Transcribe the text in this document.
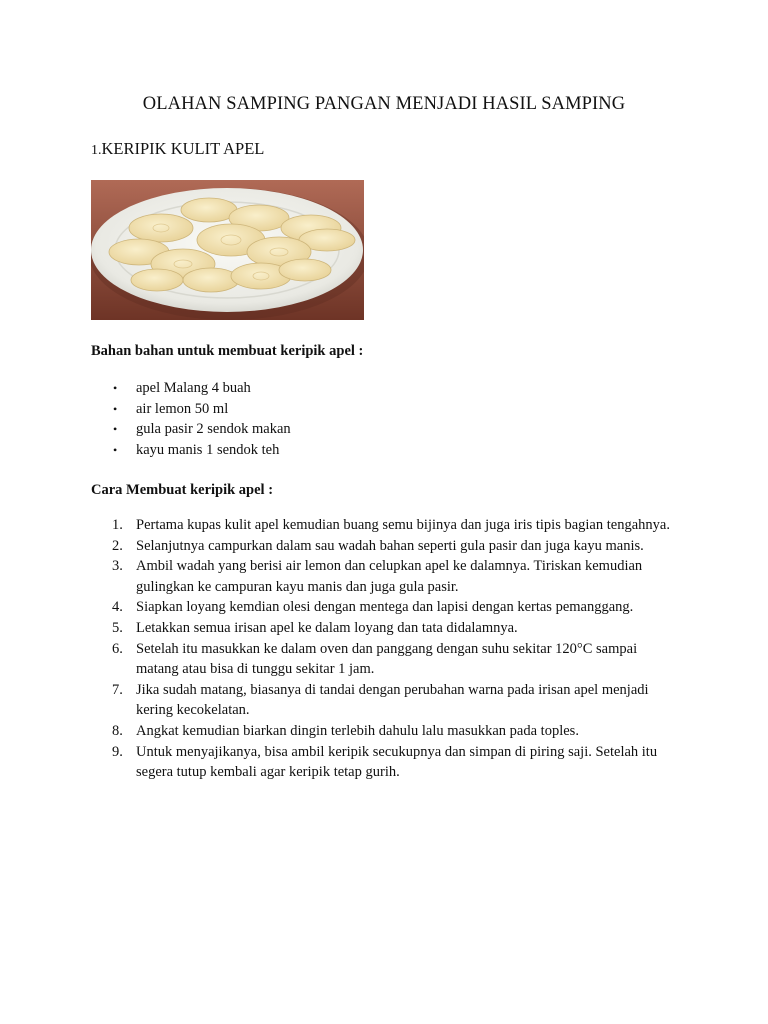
OLAHAN SAMPING PANGAN MENJADI HASIL SAMPING
1.KERIPIK KULIT APEL
Bahan bahan untuk membuat keripik apel :
• apel Malang 4 buah
• air lemon 50 ml
• gula pasir 2 sendok makan
• kayu manis 1 sendok teh
Cara Membuat keripik apel :
1. Pertama kupas kulit apel kemudian buang semu bijinya dan juga iris tipis bagian tengahnya.
2. Selanjutnya campurkan dalam sau wadah bahan seperti gula pasir dan juga kayu manis.
3. Ambil wadah yang berisi air lemon dan celupkan apel ke dalamnya. Tiriskan kemudian gulingkan ke campuran kayu manis dan juga gula pasir.
4. Siapkan loyang kemdian olesi dengan mentega dan lapisi dengan kertas pemanggang.
5. Letakkan semua irisan apel ke dalam loyang dan tata didalamnya.
6. Setelah itu masukkan ke dalam oven dan panggang dengan suhu sekitar 120°C sampai matang atau bisa di tunggu sekitar 1 jam.
7. Jika sudah matang, biasanya di tandai dengan perubahan warna pada irisan apel menjadi kering kecokelatan.
8. Angkat kemudian biarkan dingin terlebih dahulu lalu masukkan pada toples.
9. Untuk menyajikanya, bisa ambil keripik secukupnya dan simpan di piring saji. Setelah itu segera tutup kembali agar keripik tetap gurih.
